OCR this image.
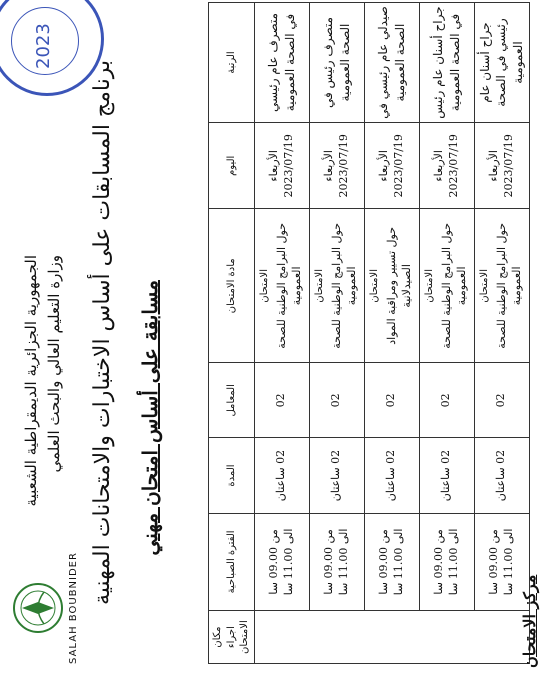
SALAH BOUBNIDER
الجمهورية الجزائرية الديمقراطية الشعبية وزارة التعليم العالي والبحث العلمي برنامج المسابقات على أساس الاختبارات والامتحانات المهنية مسابقة على أساس امتحان مهني
2023	الرتبة	اليوم	مادة الامتحان	المعامل	المدة	الفترة الصباحية	مكان اجراء الامتحان
متصرف عام رئيسي في الصحة العمومية	الأربعاء 2023/07/19	الامتحان حول البرامج الوطنية للصحة العمومية	02	02 ساعتان	من 09.00 سا
الى 11.00 سا	
متصرف رئيس في الصحة العمومية	الأربعاء 2023/07/19	الامتحان حول البرامج الوطنية للصحة العمومية	02	02 ساعتان	من 09.00 سا
الى 11.00 سا	
صيدلي عام رئيسي في الصحة العمومية	الأربعاء 2023/07/19	الامتحان حول تسيير ومراقبة المواد الصيدلانية	02	02 ساعتان	من 09.00 سا
الى 11.00 سا	
جراح أسنان عام رئيس في الصحة العمومية	الأربعاء 2023/07/19	الامتحان حول البرامج الوطنية للصحة العمومية	02	02 ساعتان	من 09.00 سا
الى 11.00 سا	
جراح أسنان عام رئيسي في الصحة العمومية	الأربعاء 2023/07/19	الامتحان حول البرامج الوطنية للصحة العمومية	02	02 ساعتان	من 09.00 سا
الى 11.00 سا	
مركز الامتحان
